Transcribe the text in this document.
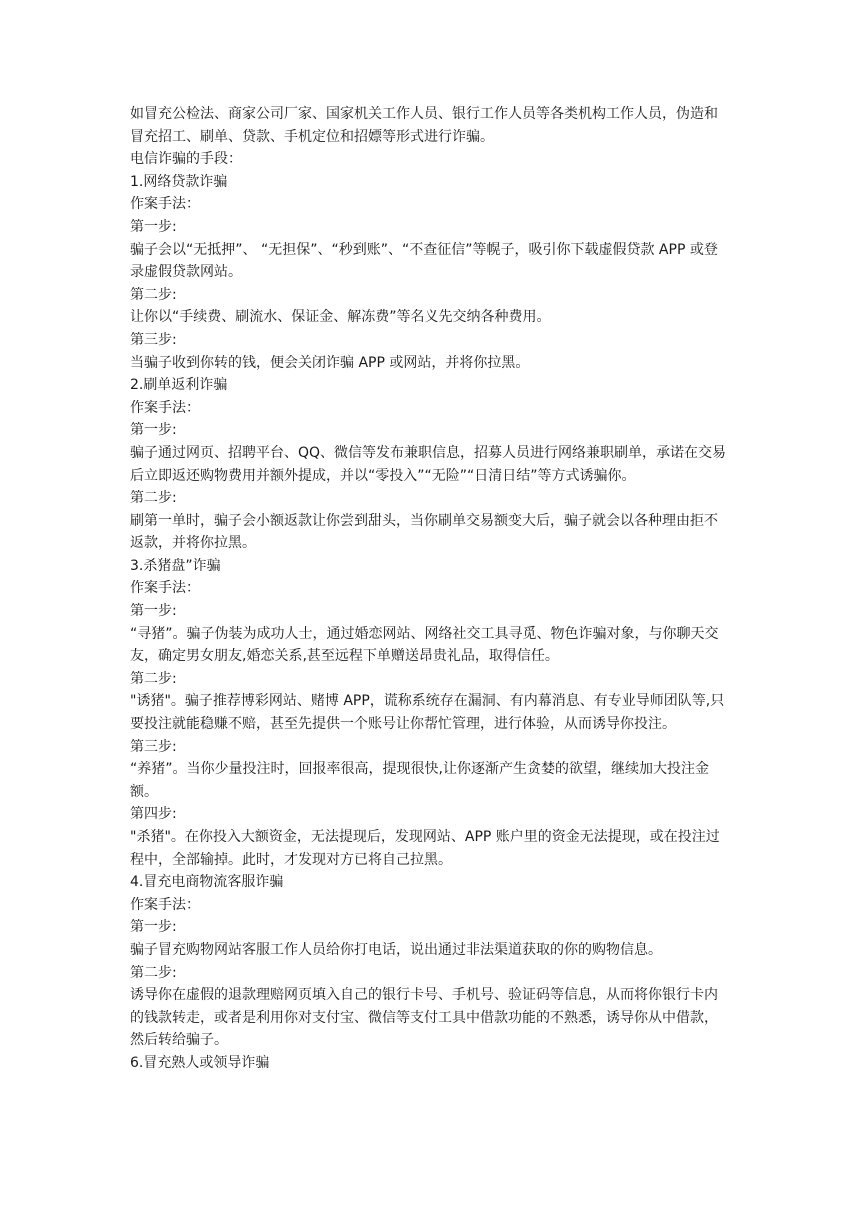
如冒充公检法、商家公司厂家、国家机关工作人员、银行工作人员等各类机构工作人员，伪造和冒充招工、刷单、贷款、手机定位和招嫖等形式进行诈骗。

电信诈骗的手段：

1.网络贷款诈骗

作案手法：

第一步:

骗子会以“无抵押”、 “无担保”、“秒到账”、“不查征信”等幌子，吸引你下载虚假贷款 APP 或登录虚假贷款网站。

第二步:

让你以“手续费、刷流水、保证金、解冻费”等名义先交纳各种费用。

第三步:

当骗子收到你转的钱，便会关闭诈骗 APP 或网站，并将你拉黑。

2.刷单返利诈骗

作案手法：

第一步:

骗子通过网页、招聘平台、QQ、微信等发布兼职信息，招募人员进行网络兼职刷单，承诺在交易后立即返还购物费用并额外提成，并以“零投入”“无险”“日清日结”等方式诱骗你。

第二步:

刷第一单时，骗子会小额返款让你尝到甜头，当你刷单交易额变大后，骗子就会以各种理由拒不返款，并将你拉黑。

3.杀猪盘”诈骗

作案手法：

第一步:

“寻猪”。骗子伪装为成功人士，通过婚恋网站、网络社交工具寻觅、物色诈骗对象，与你聊天交友，确定男女朋友,婚恋关系,甚至远程下单赠送昂贵礼品，取得信任。

第二步:

"诱猪"。骗子推荐博彩网站、赌博 APP，谎称系统存在漏洞、有内幕消息、有专业导师团队等,只要投注就能稳赚不赔，甚至先提供一个账号让你帮忙管理，进行体验，从而诱导你投注。

第三步:

“养猪”。当你少量投注时，回报率很高，提现很快,让你逐渐产生贪婪的欲望，继续加大投注金额。

第四步:

"杀猪"。在你投入大额资金，无法提现后，发现网站、APP 账户里的资金无法提现，或在投注过程中，全部输掉。此时，才发现对方已将自己拉黑。

4.冒充电商物流客服诈骗

作案手法：

第一步:

骗子冒充购物网站客服工作人员给你打电话，说出通过非法渠道获取的你的购物信息。

第二步:

诱导你在虚假的退款理赔网页填入自己的银行卡号、手机号、验证码等信息，从而将你银行卡内的钱款转走，或者是利用你对支付宝、微信等支付工具中借款功能的不熟悉，诱导你从中借款，然后转给骗子。

6.冒充熟人或领导诈骗
